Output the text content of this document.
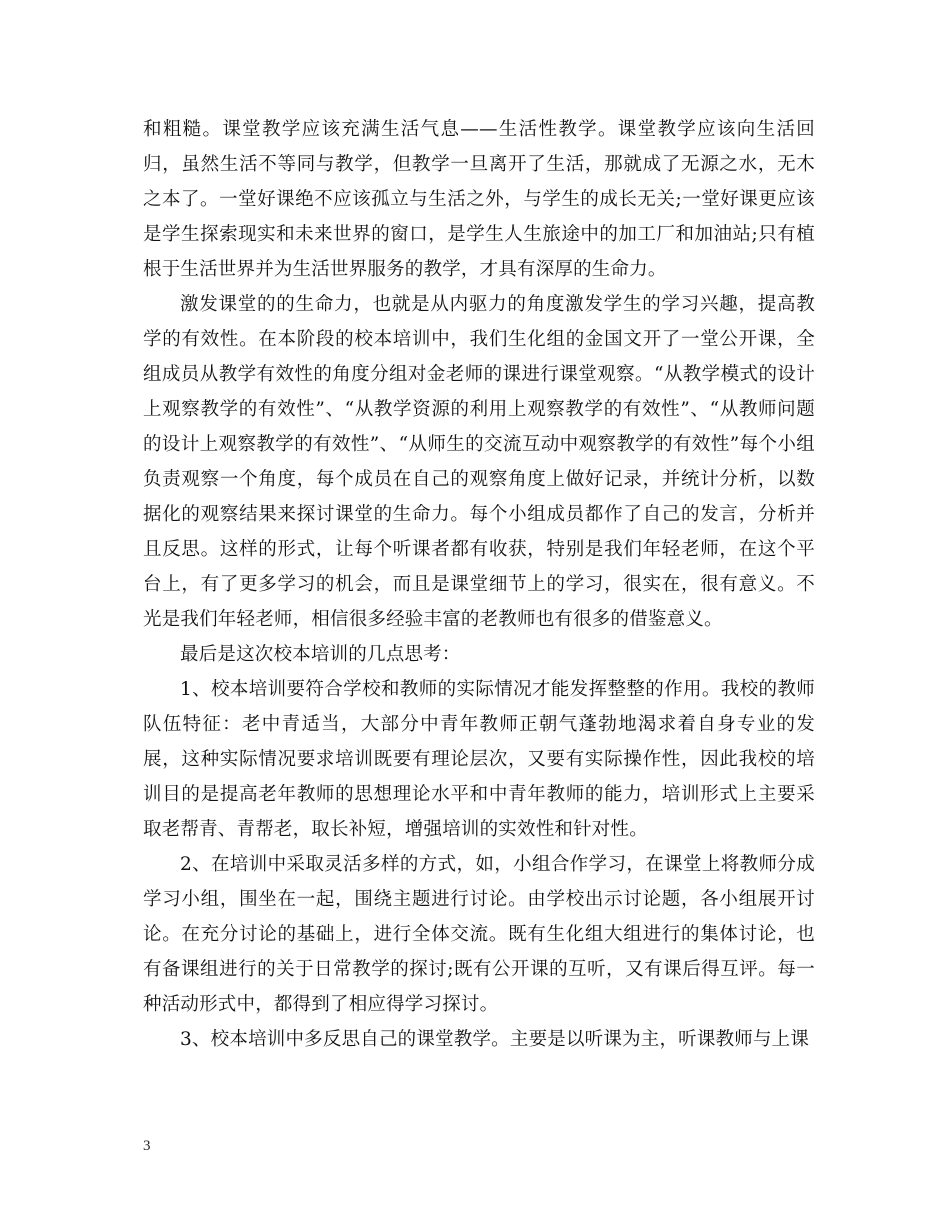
和粗糙。课堂教学应该充满生活气息——生活性教学。课堂教学应该向生活回归，虽然生活不等同与教学，但教学一旦离开了生活，那就成了无源之水，无木之本了。一堂好课绝不应该孤立与生活之外，与学生的成长无关;一堂好课更应该是学生探索现实和未来世界的窗口，是学生人生旅途中的加工厂和加油站;只有植根于生活世界并为生活世界服务的教学，才具有深厚的生命力。

激发课堂的的生命力，也就是从内驱力的角度激发学生的学习兴趣，提高教学的有效性。在本阶段的校本培训中，我们生化组的金国文开了一堂公开课，全组成员从教学有效性的角度分组对金老师的课进行课堂观察。“从教学模式的设计上观察教学的有效性”、“从教学资源的利用上观察教学的有效性”、“从教师问题的设计上观察教学的有效性”、“从师生的交流互动中观察教学的有效性”每个小组负责观察一个角度，每个成员在自己的观察角度上做好记录，并统计分析，以数据化的观察结果来探讨课堂的生命力。每个小组成员都作了自己的发言，分析并且反思。这样的形式，让每个听课者都有收获，特别是我们年轻老师，在这个平台上，有了更多学习的机会，而且是课堂细节上的学习，很实在，很有意义。不光是我们年轻老师，相信很多经验丰富的老教师也有很多的借鉴意义。

最后是这次校本培训的几点思考：

1、校本培训要符合学校和教师的实际情况才能发挥整整的作用。我校的教师队伍特征：老中青适当，大部分中青年教师正朝气蓬勃地渴求着自身专业的发展，这种实际情况要求培训既要有理论层次，又要有实际操作性，因此我校的培训目的是提高老年教师的思想理论水平和中青年教师的能力，培训形式上主要采取老帮青、青帮老，取长补短，增强培训的实效性和针对性。

2、在培训中采取灵活多样的方式，如，小组合作学习，在课堂上将教师分成学习小组，围坐在一起，围绕主题进行讨论。由学校出示讨论题，各小组展开讨论。在充分讨论的基础上，进行全体交流。既有生化组大组进行的集体讨论，也有备课组进行的关于日常教学的探讨;既有公开课的互听，又有课后得互评。每一种活动形式中，都得到了相应得学习探讨。

3、校本培训中多反思自己的课堂教学。主要是以听课为主，听课教师与上课

3
